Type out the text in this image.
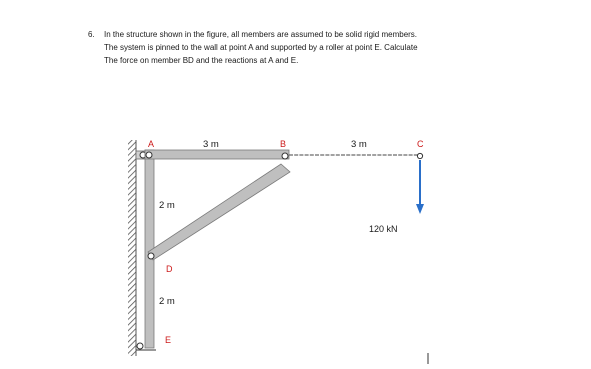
6. In the structure shown in the figure, all members are assumed to be solid rigid members.
The system is pinned to the wall at point A and supported by a roller at point E. Calculate
The force on member BD and the reactions at A and E.
A	B	C
D
E
3 m	3 m
2 m
2 m
120 kN
